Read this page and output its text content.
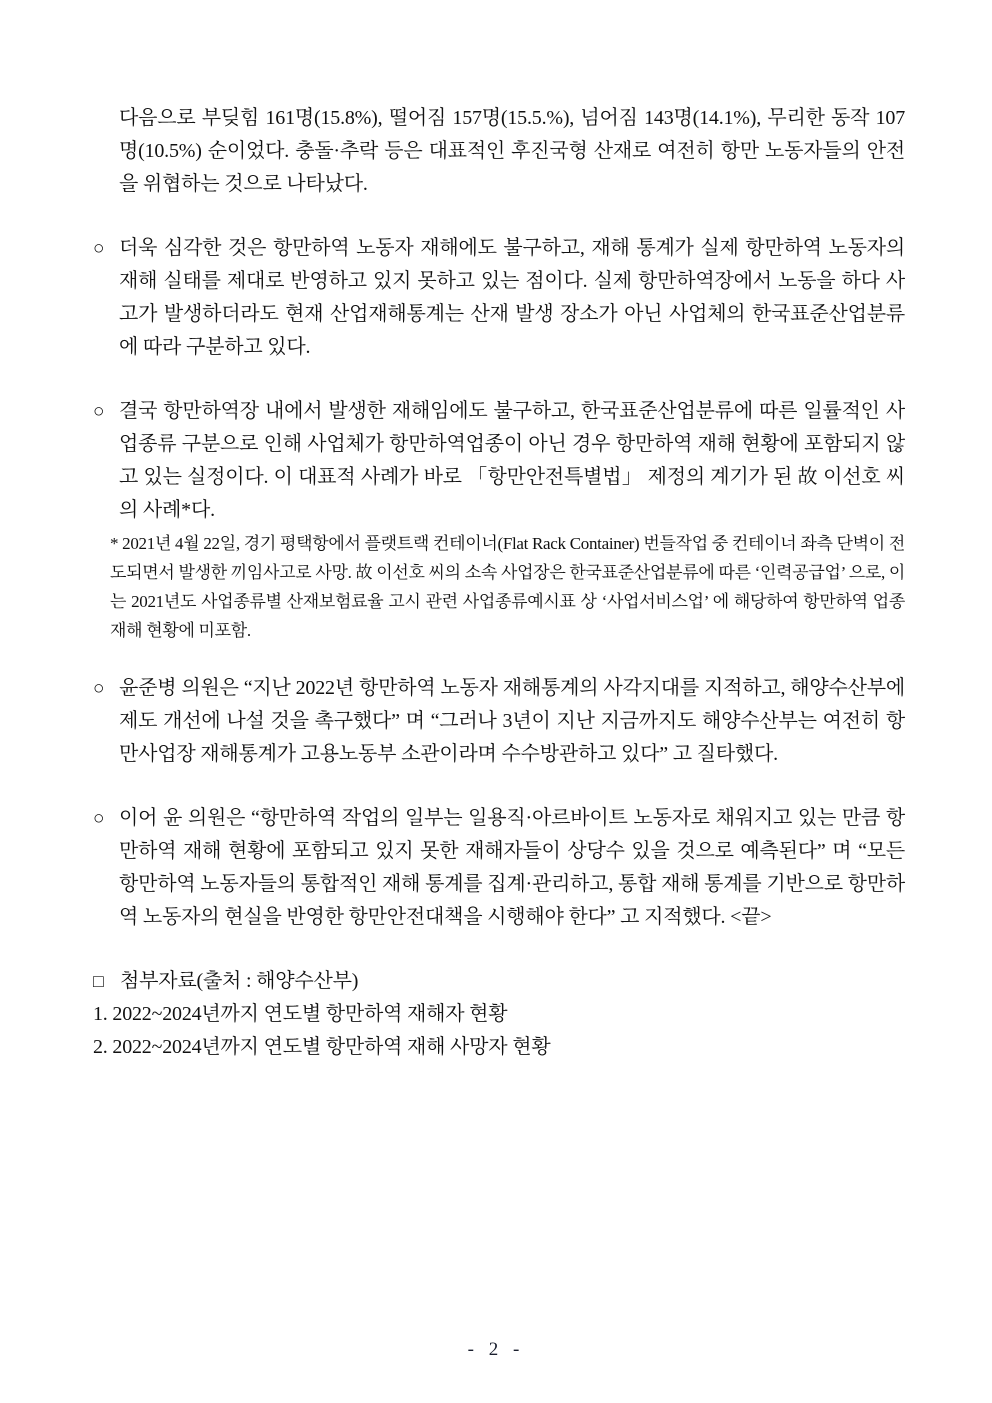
다음으로 부딪힘 161명(15.8%), 떨어짐 157명(15.5.%), 넘어짐 143명(14.1%), 무리한 동작 107명(10.5%) 순이었다. 충돌·추락 등은 대표적인 후진국형 산재로 여전히 항만 노동자들의 안전을 위협하는 것으로 나타났다.
○ 더욱 심각한 것은 항만하역 노동자 재해에도 불구하고, 재해 통계가 실제 항만하역 노동자의 재해 실태를 제대로 반영하고 있지 못하고 있는 점이다. 실제 항만하역장에서 노동을 하다 사고가 발생하더라도 현재 산업재해통계는 산재 발생 장소가 아닌 사업체의 한국표준산업분류에 따라 구분하고 있다.
○ 결국 항만하역장 내에서 발생한 재해임에도 불구하고, 한국표준산업분류에 따른 일률적인 사업종류 구분으로 인해 사업체가 항만하역업종이 아닌 경우 항만하역 재해 현황에 포함되지 않고 있는 실정이다. 이 대표적 사례가 바로 「항만안전특별법」 제정의 계기가 된 故 이선호 씨의 사례*다.
* 2021년 4월 22일, 경기 평택항에서 플랫트랙 컨테이너(Flat Rack Container) 번들작업 중 컨테이너 좌측 단벽이 전도되면서 발생한 끼임사고로 사망. 故 이선호 씨의 소속 사업장은 한국표준산업분류에 따른 ‘인력공급업’ 으로, 이는 2021년도 사업종류별 산재보험료율 고시 관련 사업종류예시표 상 ‘사업서비스업’ 에 해당하여 항만하역 업종 재해 현황에 미포함.
○ 윤준병 의원은 “지난 2022년 항만하역 노동자 재해통계의 사각지대를 지적하고, 해양수산부에 제도 개선에 나설 것을 촉구했다” 며 “그러나 3년이 지난 지금까지도 해양수산부는 여전히 항만사업장 재해통계가 고용노동부 소관이라며 수수방관하고 있다” 고 질타했다.
○ 이어 윤 의원은 “항만하역 작업의 일부는 일용직·아르바이트 노동자로 채워지고 있는 만큼 항만하역 재해 현황에 포함되고 있지 못한 재해자들이 상당수 있을 것으로 예측된다” 며 “모든 항만하역 노동자들의 통합적인 재해 통계를 집계·관리하고, 통합 재해 통계를 기반으로 항만하역 노동자의 현실을 반영한 항만안전대책을 시행해야 한다” 고 지적했다. <끝>
□ 첨부자료(출처 : 해양수산부)
1. 2022~2024년까지 연도별 항만하역 재해자 현황
2. 2022~2024년까지 연도별 항만하역 재해 사망자 현황
- 2 -
